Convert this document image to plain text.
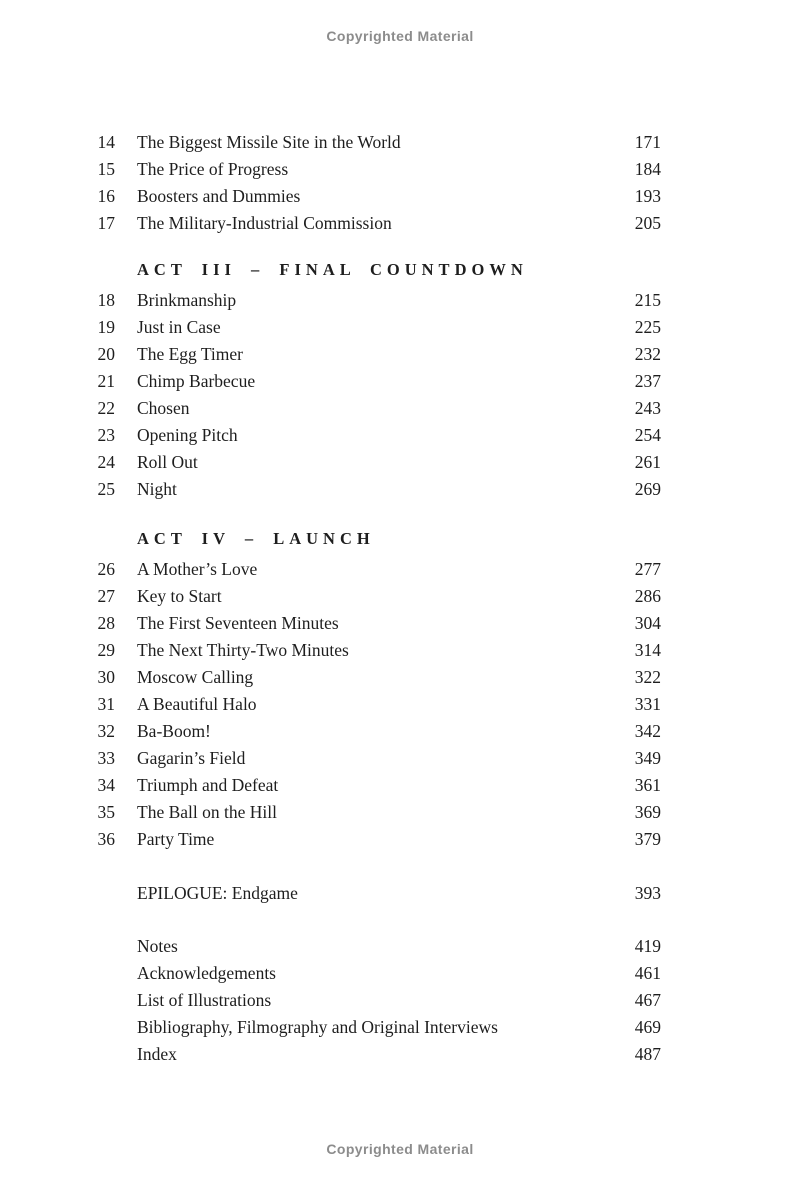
Copyrighted Material
14 The Biggest Missile Site in the World	171
15 The Price of Progress	184
16 Boosters and Dummies	193
17 The Military-Industrial Commission	205
ACT III – FINAL COUNTDOWN
18 Brinkmanship	215
19 Just in Case	225
20 The Egg Timer	232
21 Chimp Barbecue	237
22 Chosen	243
23 Opening Pitch	254
24 Roll Out	261
25 Night	269
ACT IV – LAUNCH
26 A Mother’s Love	277
27 Key to Start	286
28 The First Seventeen Minutes	304
29 The Next Thirty-Two Minutes	314
30 Moscow Calling	322
31 A Beautiful Halo	331
32 Ba-Boom!	342
33 Gagarin’s Field	349
34 Triumph and Defeat	361
35 The Ball on the Hill	369
36 Party Time	379
EPILOGUE: Endgame	393
Notes	419
Acknowledgements	461
List of Illustrations	467
Bibliography, Filmography and Original Interviews	469
Index	487
Copyrighted Material
